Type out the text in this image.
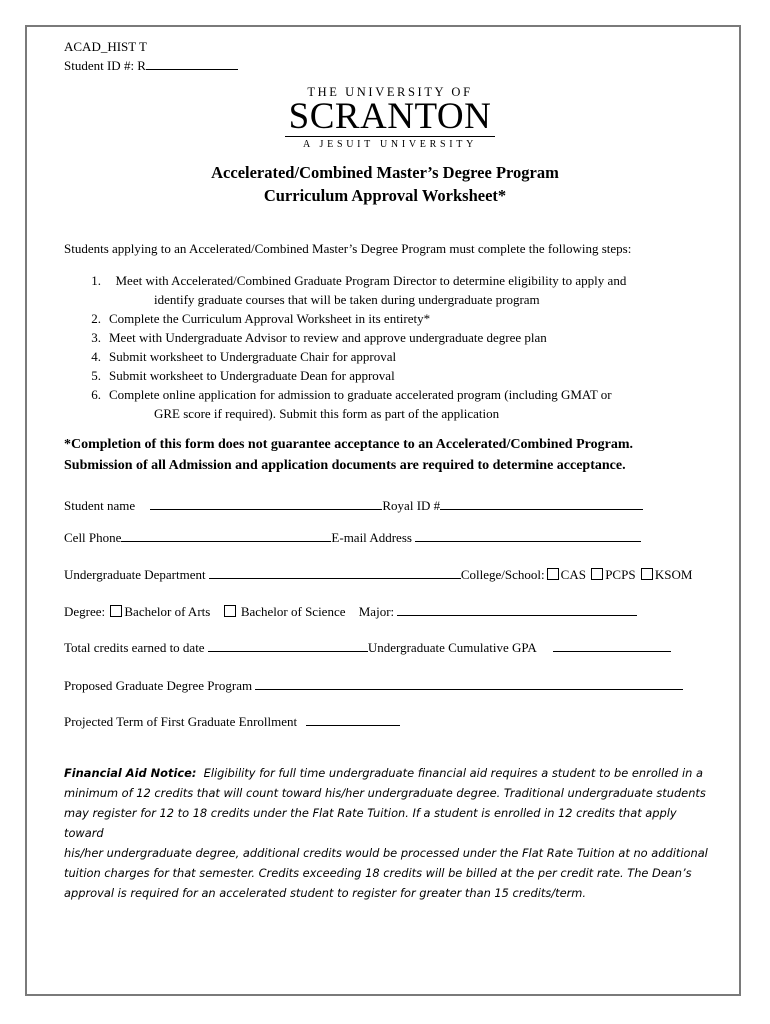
ACAD_HIST T
Student ID #: R
THE UNIVERSITY OF
SCRANTON
A JESUIT UNIVERSITY
Accelerated/Combined Master’s Degree Program
Curriculum Approval Worksheet*
Students applying to an Accelerated/Combined Master’s Degree Program must complete the following steps:
1. Meet with Accelerated/Combined Graduate Program Director to determine eligibility to apply and
identify graduate courses that will be taken during undergraduate program
2. Complete the Curriculum Approval Worksheet in its entirety*
3. Meet with Undergraduate Advisor to review and approve undergraduate degree plan
4. Submit worksheet to Undergraduate Chair for approval
5. Submit worksheet to Undergraduate Dean for approval
6. Complete online application for admission to graduate accelerated program (including GMAT or
GRE score if required). Submit this form as part of the application
*Completion of this form does not guarantee acceptance to an Accelerated/Combined Program.
Submission of all Admission and application documents are required to determine acceptance.
Student name	Royal ID #
Cell Phone	E-mail Address
Undergraduate Department	College/School: CAS PCPS KSOM
Degree: Bachelor of Arts Bachelor of Science Major:
Total credits earned to date	Undergraduate Cumulative GPA
Proposed Graduate Degree Program
Projected Term of First Graduate Enrollment
Financial Aid Notice: Eligibility for full time undergraduate financial aid requires a student to be enrolled in a
minimum of 12 credits that will count toward his/her undergraduate degree. Traditional undergraduate students
may register for 12 to 18 credits under the Flat Rate Tuition. If a student is enrolled in 12 credits that apply toward
his/her undergraduate degree, additional credits would be processed under the Flat Rate Tuition at no additional
tuition charges for that semester. Credits exceeding 18 credits will be billed at the per credit rate. The Dean’s
approval is required for an accelerated student to register for greater than 15 credits/term.
